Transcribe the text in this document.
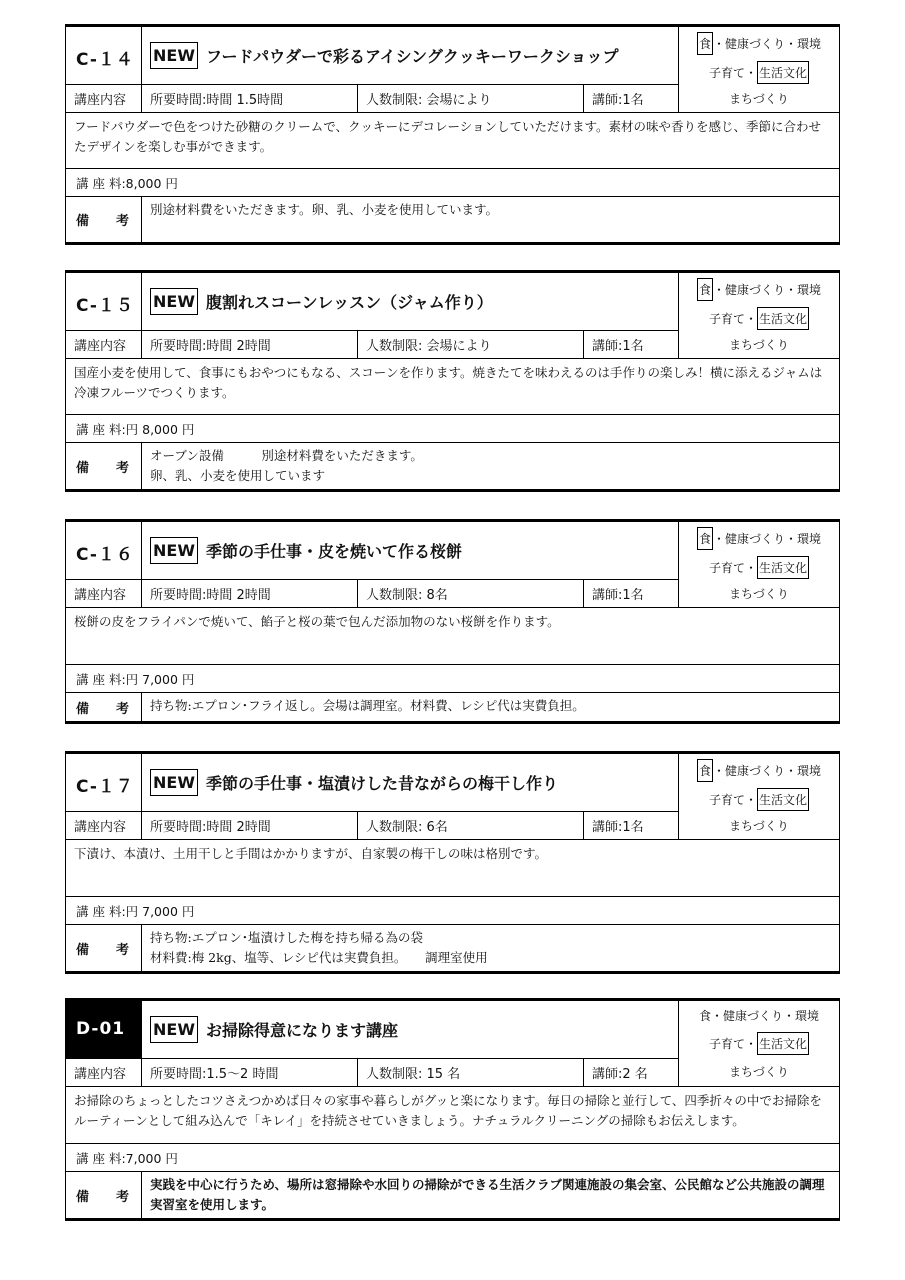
C-１４
講座内容
NEW フードパウダーで彩るアイシングクッキーワークショップ
所要時間:時間 1.5時間	人数制限: 会場により	講師:1名
食 ・健康づくり・環境
子育て・ 生活文化
まちづくり
フードパウダーで色をつけた砂糖のクリームで、クッキーにデコレーションしていただけます。素材の味や香りを感じ、季節に合わせたデザインを楽しむ事ができます。
講 座 料:8,000 円
備 考
別途材料費をいただきます。卵、乳、小麦を使用しています。
C-１５
講座内容
NEW 腹割れスコーンレッスン（ジャム作り）
所要時間:時間 2時間	人数制限: 会場により	講師:1名
食 ・健康づくり・環境
子育て・ 生活文化
まちづくり
国産小麦を使用して、食事にもおやつにもなる、スコーンを作ります。焼きたてを味わえるのは手作りの楽しみ！横に添えるジャムは冷凍フルーツでつくります。
講 座 料:円 8,000 円
備 考
オーブン設備　　　別途材料費をいただきます。
卵、乳、小麦を使用しています
C-１６
講座内容
NEW 季節の手仕事・皮を焼いて作る桜餅
所要時間:時間 2時間	人数制限: 8名	講師:1名
食 ・健康づくり・環境
子育て・ 生活文化
まちづくり
桜餅の皮をフライパンで焼いて、餡子と桜の葉で包んだ添加物のない桜餅を作ります。
講 座 料:円 7,000 円
備 考 持ち物:エプロン･フライ返し。会場は調理室。材料費、レシピ代は実費負担。
C-１７
講座内容
NEW 季節の手仕事・塩漬けした昔ながらの梅干し作り
所要時間:時間 2時間	人数制限: 6名	講師:1名
食 ・健康づくり・環境
子育て・ 生活文化
まちづくり
下漬け、本漬け、土用干しと手間はかかりますが、自家製の梅干しの味は格別です。
講 座 料:円 7,000 円
備 考
持ち物:エプロン･塩漬けした梅を持ち帰る為の袋
材料費:梅 2kg、塩等、レシピ代は実費負担。　　調理室使用
D-01
講座内容
NEW お掃除得意になります講座
所要時間:1.5～2 時間	人数制限: 15 名	講師:2 名
食 ・健康づくり・環境
子育て・ 生活文化
まちづくり
お掃除のちょっとしたコツさえつかめば日々の家事や暮らしがグッと楽になります。毎日の掃除と並行して、四季折々の中でお掃除をルーティーンとして組み込んで「キレイ」を持続させていきましょう。ナチュラルクリーニングの掃除もお伝えします。
講 座 料:7,000 円
備 考
実践を中心に行うため、場所は窓掃除や水回りの掃除ができる生活クラブ関連施設の集会室、公民館など公共施設の調理実習室を使用します。
